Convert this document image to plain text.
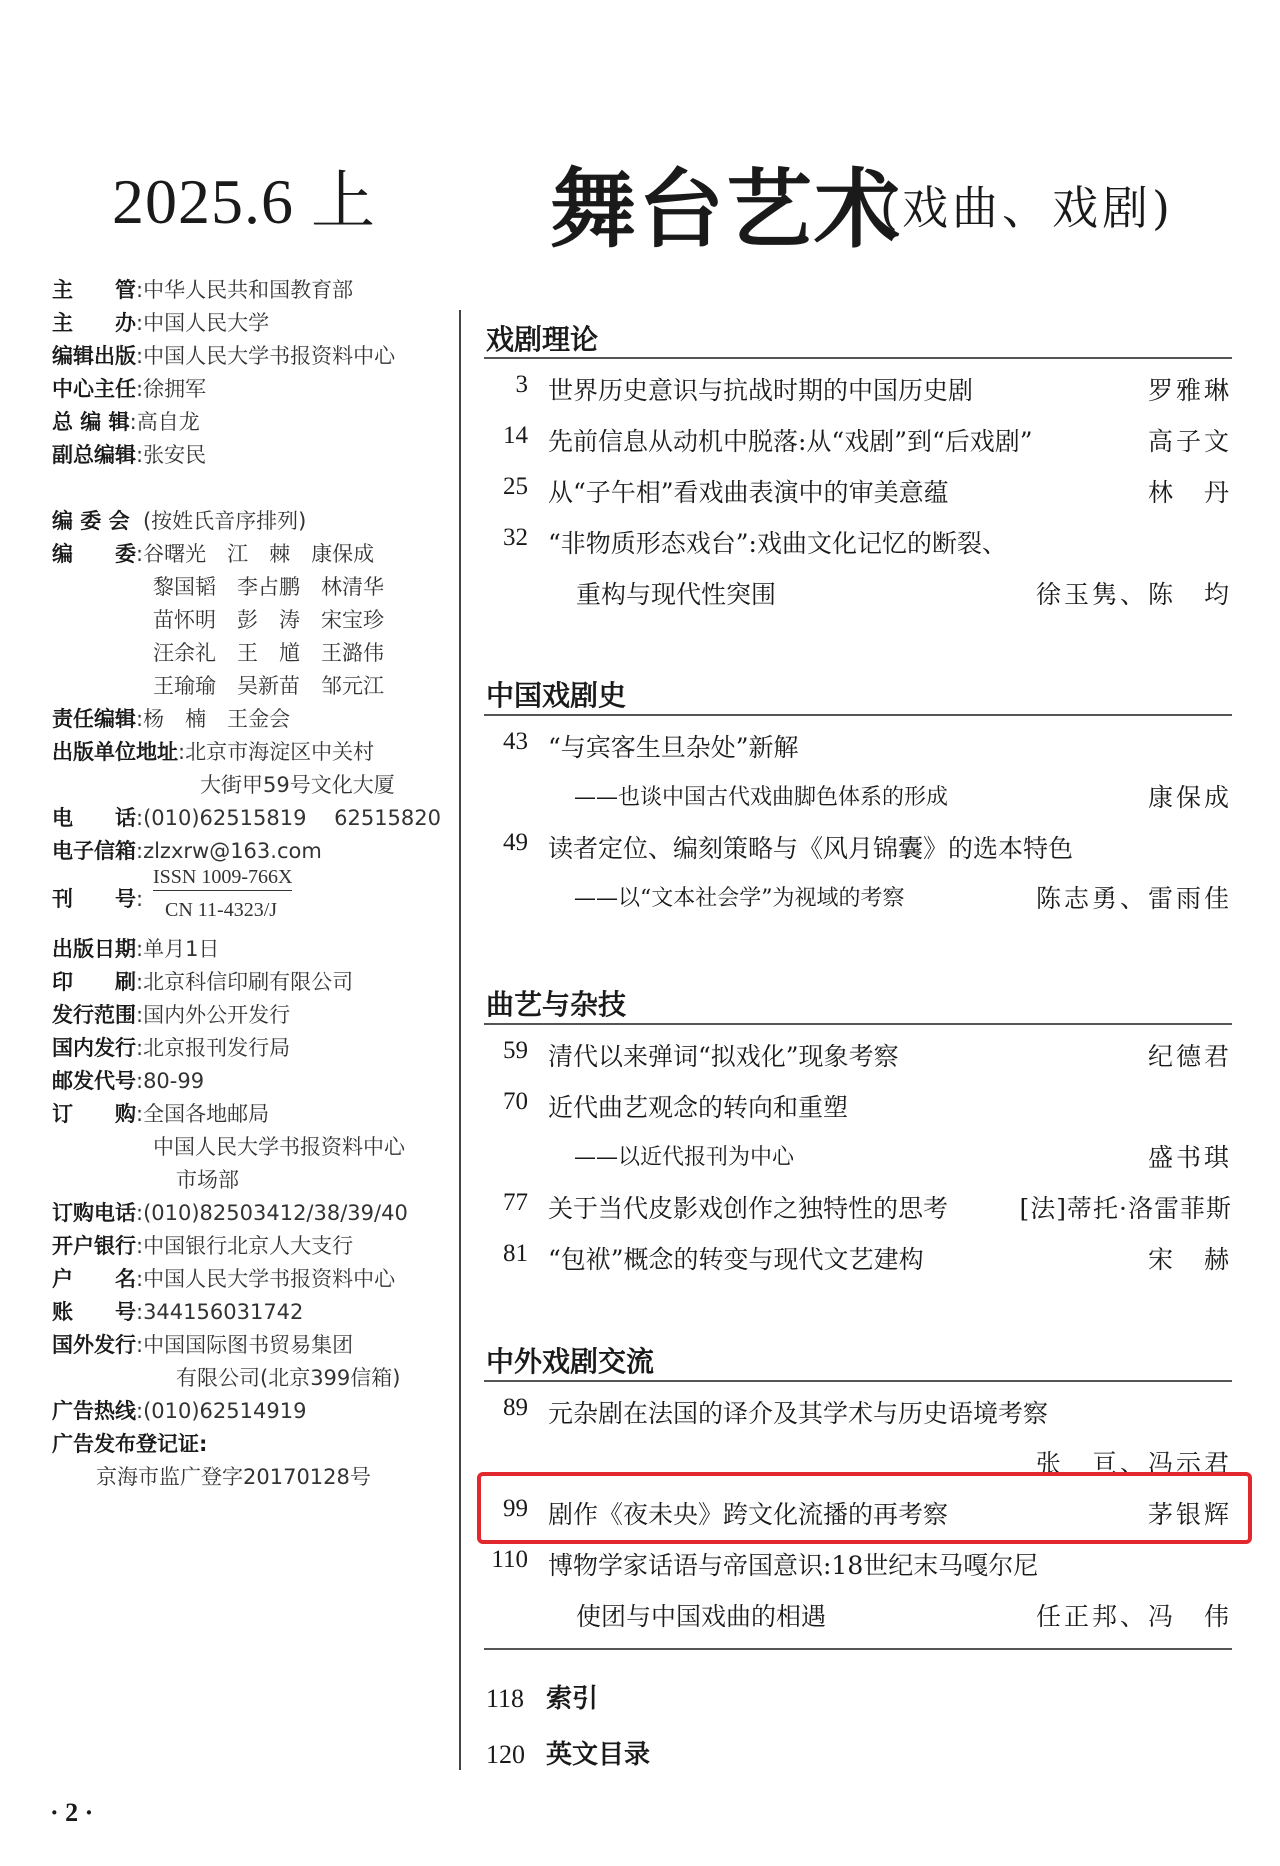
2025.6 上 舞台艺术
(戏曲、戏剧)
主　　管:中华人民共和国教育部
主　　办:中国人民大学
编辑出版:中国人民大学书报资料中心
中心主任:徐拥军
总 编 辑:高自龙
副总编辑:张安民
编 委 会 (按姓氏音序排列)
编　　委:谷曙光　江　棘　康保成
黎国韬　李占鹏　林清华
苗怀明　彭　涛　宋宝珍
汪余礼　王　馗　王潞伟
王瑜瑜　吴新苗　邹元江
责任编辑:杨　楠　王金会
出版单位地址:北京市海淀区中关村
大街甲59号文化大厦
电　　话:(010)62515819　 62515820
电子信箱:zlzxrw@163.com
刊　　号:
ISSN 1009-766X
CN 11-4323/J
出版日期:单月1日
印　　刷:北京科信印刷有限公司
发行范围:国内外公开发行
国内发行:北京报刊发行局
邮发代号:80-99
订　　购:全国各地邮局
中国人民大学书报资料中心
市场部
订购电话:(010)82503412/38/39/40
开户银行:中国银行北京人大支行
户　　名:中国人民大学书报资料中心
账　　号:344156031742
国外发行:中国国际图书贸易集团
有限公司(北京399信箱)
广告热线:(010)62514919
广告发布登记证:
京海市监广登字20170128号
戏剧理论
3 世界历史意识与抗战时期的中国历史剧	罗雅琳
14 先前信息从动机中脱落:从“戏剧”到“后戏剧”	高子文
25 从“子午相”看戏曲表演中的审美意蕴	林　丹
32 “非物质形态戏台”:戏曲文化记忆的断裂、
重构与现代性突围	徐玉隽、陈　均
中国戏剧史
43 “与宾客生旦杂处”新解
——也谈中国古代戏曲脚色体系的形成	康保成
49 读者定位、编刻策略与《风月锦囊》的选本特色
——以“文本社会学”为视域的考察	陈志勇、雷雨佳
曲艺与杂技
59 清代以来弹词“拟戏化”现象考察	纪德君
70 近代曲艺观念的转向和重塑
——以近代报刊为中心	盛书琪
77 关于当代皮影戏创作之独特性的思考	[法]蒂托·洛雷菲斯
81 “包袱”概念的转变与现代文艺建构	宋　赫
中外戏剧交流
89 元杂剧在法国的译介及其学术与历史语境考察
张　亘、冯示君
99 剧作《夜未央》跨文化流播的再考察	茅银辉
110 博物学家话语与帝国意识:18世纪末马嘎尔尼
使团与中国戏曲的相遇	任正邦、冯　伟
118 索引
120 英文目录
· 2 ·
